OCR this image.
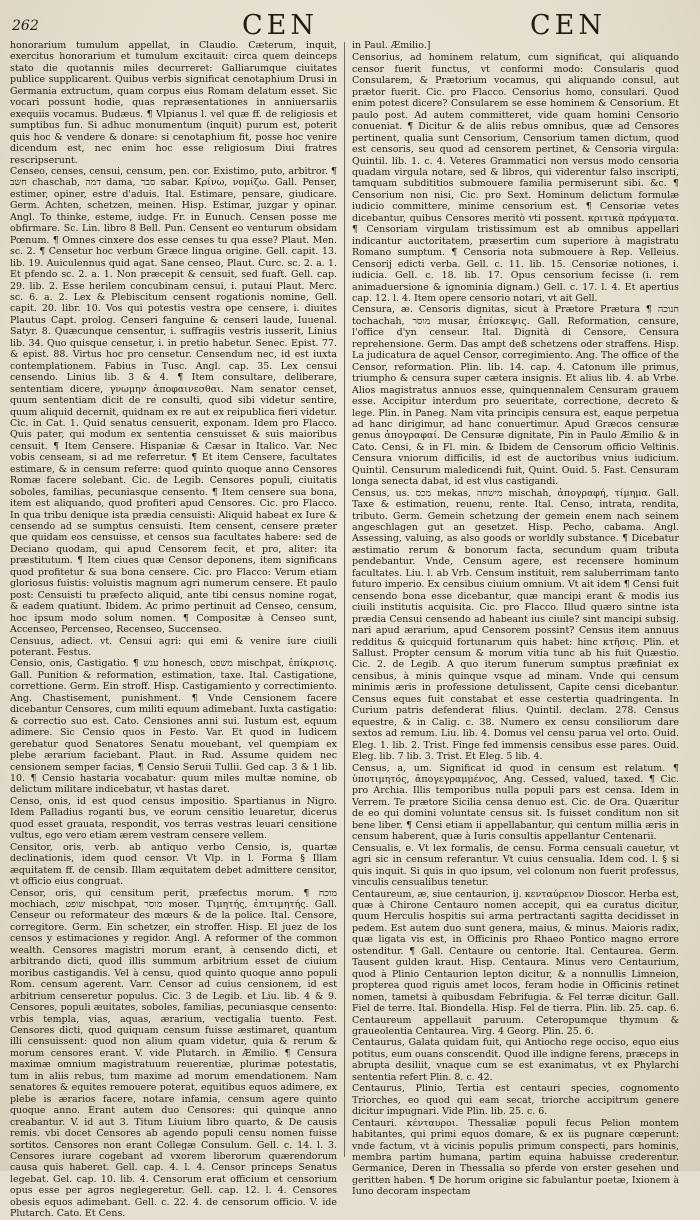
262	CEN	CEN

honorarium tumulum appellat, in Claudio. Cæterum, inquit, exercitus honorarium et tumulum excitauit: circa quem deinceps stato die quotannis miles decurreret: Galliarumque ciuitates publice supplicarent. Quibus verbis significat cenotaphium Drusi in Germania extructum, quam corpus eius Romam delatum esset. Sic vocari possunt hodie, quas repræsentationes in anniuersariis exequiis vocamus. Budæus. ¶ Vlpianus l. vel quæ ff. de religiosis et sumptibus fun. Si adhuc monumentum (inquit) purum est, poterit quis hoc & vendere & donare: si cenotaphium fit, posse hoc venire dicendum est, nec enim hoc esse religiosum Diui fratres rescripserunt.

Censeo, censes, censui, censum, pen. cor. Existimo, puto, arbitror. ¶ חשב chaschab, דמה dama, סבר sabar. Κρίνω, νομίζω. Gall. Penser, estimer, opiner, estre d'aduis. Ital. Estimare, pensare, giudicare. Germ. Achten, schetzen, meinen. Hisp. Estimar, juzgar y opinar. Angl. To thinke, esteme, iudge. Fr. in Eunuch. Censen posse me obfirmare. Sc. Lin. libro 8 Bell. Pun. Censent eo venturum obsidam Pœnum. ¶ Omnes cinxere dos esse censes tu qua esse? Plaut. Men. sc. 2. ¶ Censetur hoc verbum Græce lingua origine. Gell. capit. 13. lib. 19. Auiculennus quid agat. Sane censeo, Plaut. Curc. sc. 2. a. 1. Et pfendo sc. 2. a. 1. Non præcepit & censuit, sed fuaft. Gell. cap. 29. lib. 2. Esse herilem concubinam censui, i. putaui Plaut. Merc. sc. 6. a. 2. Lex & Plebiscitum censent rogationis nomine, Gell. capit. 20. libr. 10. Vos qui potestis vestra ope censere, i. diuites Plautus Capt. prolog. Censeri fanguine & censeri laude, Iuuenal. Satyr. 8. Quæcunque censentur, i. suffragiis vestris iusserit, Linius lib. 34. Quo quisque censetur, i. in pretio habetur. Senec. Epist. 77. & epist. 88. Virtus hoc pro censetur. Censendum nec, id est iuxta contemplationem. Fabius in Tusc. Angl. cap. 35. Lex censui censendo. Linius lib. 3 & 4. ¶ Item consultare, deliberare, sententiam dicere, γνωμην ἀποφαινεσθαι. Nam senator censet, quum sententiam dicit de re consulti, quod sibi videtur sentire, quum aliquid decernit, quidnam ex re aut ex reipublica fieri videtur. Cic. in Cat. 1. Quid senatus censuerit, exponam. Idem pro Flacco. Quis pater, qui modum ex sententia censuisset & suis maioribus censuit. ¶ Item Censere. Hispaniæ & Cæsar in Italico. Var. Nec vobis censeam, si ad me referretur. ¶ Et item Censere, facultates estimare, & in censum referre: quod quinto quoque anno Censores Romæ facere solebant. Cic. de Legib. Censores populi, ciuitatis soboles, familias, pecuniasque censento. ¶ Item censere sua bona, item est aliquando, quod profiteri apud Censores. Cic. pro Flacco. In qua tribu denique ista prædia censuisti: Aliquid habeat ex Iure & censendo ad se sumptus censuisti. Item censent, censere præter que quidam eos censuisse, et censos sua facultates habere: sed de Deciano quodam, qui apud Censorem fecit, et pro, aliter: ita præstitutum. ¶ Item ciues quæ Censor deponens, item significans quod profitetur & sua bona censere. Cic. pro Flacco: Verum etiam gloriosus fuistis: voluistis magnum agri numerum censere. Et paulo post: Censuisti tu præfecto aliquid, ante tibi census nomine rogat, & eadem quatiunt. Ibidem. Ac primo pertinuit ad Censeo, censum, hoc ipsum modo solum nomen. ¶ Compositæ à Censeo sunt, Accenseo, Percenseo, Recenseo, Succenseo.

Censuus, adiect. vt. Censui agri: qui emi & venire iure ciuili poterant. Festus.

Censio, onis, Castigatio. ¶ ענש honesch, משפט mischpat, ἐπίκρισις. Gall. Punition & reformation, estimation, taxe. Ital. Castigatione, correttione. Germ. Ein stroff. Hisp. Castigamiento y correctimiento. Ang. Chastisement, punishment. ¶ Vnde Censionem facere dicebantur Censores, cum militi equum adimebant. Iuxta castigatio: & correctio suo est. Cato. Censiones anni sui. Iustum est, equum adimere. Sic Censio quos in Festo. Var. Et quod in Iudicem gerebatur quod Senatores Senatu mouebant, vel quempiam ex plebe ærarium faciebant. Plaut. in Rud. Assume quidem nec censionem semper facias, ¶ Censio Seruii Tullii. Ged cap. 3 & 1 lib. 10. ¶ Censio hastaria vocabatur: quum miles multæ nomine, ob delictum militare indicebatur, vt hastas daret.

Censo, onis, id est quod census impositio. Spartianus in Nigro. Idem Palladius roganti bus, ve eorum censitio leuaretur, dicerus quod esset grauata, respondit, vos terras vestras leuari censitione vultus, ego vero etiam ærem vestram censere vellem.

Censitor, oris, verb. ab antiquo verbo Censio, is, quartæ declinationis, idem quod censor. Vt Vlp. in l. Forma § Illam æquitatem ff. de censib. Illam æquitatem debet admittere censitor, vt officio eius congruat.

Censor, oris, qui censitum perit, præfectus morum. ¶ מוכח mochiach, שופט mischpat, מוסר moser. Τιμητής, ἐπιτιμητής. Gall. Censeur ou reformateur des mœurs & de la police. Ital. Censore, corregitore. Germ. Ein schetzer, ein stroffer. Hisp. El juez de los censos y estimaciones y regidor. Angl. A reformer of the common wealth. Censores magistri morum erant, à censendo dicti, et arbitrando dicti, quod illis summum arbitrium esset de ciuium moribus castigandis. Vel à censu, quod quinto quoque anno populi Rom. censum agerent. Varr. Censor ad cuius censionem, id est arbitrium censeretur populus. Cic. 3 de Legib. et Liu. lib. 4 & 9. Censores, populi æuitates, soboles, familias, pecuniasque censento: vrbis templa, vias, aquas, ærarium, vectigalia tuento. Fest. Censores dicti, quod quiquam censum fuisse æstimaret, quantum illi censuissent: quod non alium quam videtur, quia & rerum & morum censores erant. V. vide Plutarch. in Æmilio. ¶ Censura maximæ omnium magistratuum reuerentiæ, plurimæ potestatis, tum in aliis rebus, tum maxime ad morum emendationem. Nam senatores & equites remouere poterat, equitibus equos adimere, ex plebe is ærarios facere, notare infamia, censum agere quinto quoque anno. Erant autem duo Censores: qui quinque anno creabantur. V. id aut 3. Titum Liuium libro quarto, & De causis remis. vbi docet Censores ab agendo populi censu nomen fuisse sortitos. Censores non erant Collegæ Consulum. Gell. c. 14. l. 3. Censores iurare cogebant ad vxorem liberorum quærendorum causa quis haberet. Gell. cap. 4. l. 4. Censor princeps Senatus legebat. Gel. cap. 10. lib. 4. Censorum erat officium et censorium opus esse per agros neglegeretur. Gell. cap. 12. l. 4. Censores obesis equos adimebant. Gell. c. 22. 4. de censorum officio. V. ide Plutarch. Cato. Et Cens.

in Paul. Æmilio.]

Censorius, ad hominem relatum, cum significat, qui aliquando censor fuerit functus, vt conformi modo: Consularis quod Consularem, & Prætorium vocamus, qui aliquando consul, aut prætor fuerit. Cic. pro Flacco. Censorius homo, consulari. Quod enim potest dicere? Consularem se esse hominem & Censorium. Et paulo post. Ad autem committeret, vide quam homini Censorio conueniat. ¶ Dicitur & de aliis rebus omnibus, quæ ad Censores pertinent, qualia sunt Censorium, Censorium tamen dictum, quod est censoris, seu quod ad censorem pertinet, & Censoria virgula: Quintil. lib. 1. c. 4. Veteres Grammatici non versus modo censoria quadam virgula notare, sed & libros, qui viderentur falso inscripti, tamquam subdititios submouere familia permiserunt sibi. &c. ¶ Censorium non nisi, Cic. pro Sext. Hominum delictum formulæ iudicio committere, minime censorium est. ¶ Censoriæ vetes dicebantur, quibus Censores meritò vti possent. κριτικὰ πράγματα. ¶ Censoriam virgulam tristissimum est ab omnibus appellari indicantur auctoritatem, præsertim cum superiore à magistratu Romano sumptum. ¶ Censoria nota submouere à Rep. Velleius. Censorij edicti verba. Gell. c. 11. lib. 15. Censoriæ notiones, i. iudicia. Gell. c. 18. lib. 17. Opus censorium fecisse (i. rem animaduersione & ignominia dignam.) Gell. c. 17. l. 4. Et apertius cap. 12. l. 4. Item opere censorio notari, vt ait Gell.

Censura, æ. Censoris dignitas, sicut à Prætore Prætura ¶ חנוכה tochachah, מוסר musar, ἐπίσκεψις. Gall. Reformation, censure, l'office d'yn censeur. Ital. Dignità di Censore, Censura reprehensione. Germ. Das ampt deß schetzens oder straffens. Hisp. La judicatura de aquel Censor, corregimiento. Ang. The office of the Censor, reformation. Plin. lib. 14. cap. 4. Catonum ille primus, triumpho & censura super cætera insignis. Et alius lib. 4. ab Vrbe. Alios magistratus annuos esse, quinquennalem Censuram grauem esse. Accipitur interdum pro seueritate, correctione, decreto & lege. Plin. in Paneg. Nam vita principis censura est, eaque perpetua ad hanc dirigimur, ad hanc conuertimur. Apud Græcos censuræ genus ἀπογραφαί. De Censuræ dignitate, Pin in Paulo Æmilio & in Cato. Censi, & in Fl. min. & Ibidem de Censorum officio Veltinis. Censura vniorum difficilis, id est de auctoribus vnius iudicium. Quintil. Censurum maledicendi fuit, Quint. Ouid. 5. Fast. Censuram longa senecta dabat, id est vlus castigandi.

Census, us. מכס mekas, מישחה mischah, ἀπογραφή, τίμημα. Gall. Taxe & estimation, reuenu, rente. Ital. Censo, intrata, rendita, tributo. Germ. Gemein schetzung der gemein enem nach seinem angeschlagen gut an gesetzet. Hisp. Pecho, cabama. Angl. Assessing, valuing, as also goods or worldly substance. ¶ Dicebatur æstimatio rerum & bonorum facta, secundum quam tributa pendebantur. Vnde, Censum agere, est recensere hominum facultates. Liu. l. ab Vrb. Censum instituit, rem saluberrimam tanto futuro imperio. Ex censibus ciuium omnium. Vt ait idem ¶ Censi fuit censendo bona esse dicebantur, quæ mancipi erant & modis ius ciuili institutis acquisita. Cic. pro Flacco. Illud quæro sintne ista prædia Censui censendo ad habeant ius ciuile? sint mancipi subsig. nari apud ærarium, apud Censorem possint? Census item annuus redditus & quicquid fortunarum quis habet: hinc κτῆσις. Plin. et Sallust. Propter censum & morum vitia tunc ab his fuit Quæstio. Cic. 2. de Legib. A quo iterum funerum sumptus præfiniat ex censibus, à minis quinque vsque ad minam. Vnde qui censum minimis æris in professione detulissent, Capite censi dicebantur. Census eques fuit constabat et esse cestertia quadringenta. In Curium patris defenderat filius. Quintil. declam. 278. Census equestre, & in Calig. c. 38. Numero ex censu consiliorum dare sextos ad remum. Liu. lib. 4. Domus vel censu parua vel orto. Ouid. Eleg. 1. lib. 2. Trist. Finge fed immensis censibus esse pares. Ouid. Eleg. lib. 7 lib. 3. Trist. Et Eleg. 5 lib. 4.

Census, a, um. Significat id quod in censum est relatum. ¶ ὑποτιμητός, ἀπογεγραμμένος, Ang. Cessed, valued, taxed. ¶ Cic. pro Archia. Illis temporibus nulla populi pars est censa. Idem in Verrem. Te prætore Sicilia censa denuo est. Cic. de Ora. Quæritur de eo qui domini voluntate census sit. Is fuisset conditum non sit bene liber. ¶ Censi etiam ii appellabantur, qui centum millia æris in censum haberent, quæ à Iuris consultis appellantur Centenarii.

Censualis, e. Vt lex formalis, de censu. Forma censuali cauetur, vt agri sic in censum referantur. Vt cuius censualia. Idem cod. l. § si quis inquit. Si quis in quo ipsum, vel colonum non fuerit professus, vinculis censualibus tenetur.

Centaureum, æ, siue centaurion, ij. κενταύρειον Dioscor. Herba est, quæ à Chirone Centauro nomen accepit, qui ea curatus dicitur, quum Herculis hospitis sui arma pertractanti sagitta decidisset in pedem. Est autem duo sunt genera, maius, & minus. Maioris radix, quæ ligata vis est, in Officinis pro Rhaeo Pontico magno errore ostenditur. ¶ Gall. Centaure ou centorie. Ital. Centaurea. Germ. Tausent gulden kraut. Hisp. Centaura. Minus vero Centaurium, quod à Plinio Centaurion lepton dicitur, & a nonnullis Limneion, propterea quod riguis amet locos, feram hodie in Officinis retinet nomen, tametsi à quibusdam Febrifugia. & Fel terræ dicitur. Gall. Fiel de terre. Ital. Biondella. Hisp. Fel de tierra. Plin. lib. 25. cap. 6. Centaureum appellauit paruum. Ceteropumque thymum & graueolentia Centaurea. Virg. 4 Georg. Plin. 25. 6.

Centaurus, Galata quidam fuit, qui Antiocho rege occiso, equo eius potitus, eum ouans conscendit. Quod ille indigne ferens, præceps in abrupta desiliit, vnaque cum se est exanimatus, vt ex Phylarchi sententia refert Plin. 8. c. 42.

Centaurus, Plinio, Tertia est centauri species, cognomento Triorches, eo quod qui eam secat, triorche accipitrum genere dicitur impugnari. Vide Plin. lib. 25. c. 6.

Centauri. κένταυροι. Thessaliæ populi fecus Pelion montem habitantes, qui primi equos domare, & ex iis pugnare cœperunt: vnde factum, vt à vicinis populis primum conspecti, pars hominis, membra partim humana, partim equina habuisse crederentur. Germanice, Deren in Thessalia so pferde von erster gesehen und geritten haben. ¶ De horum origine sic fabulantur poetæ, Ixionem à Iuno decoram inspectam
